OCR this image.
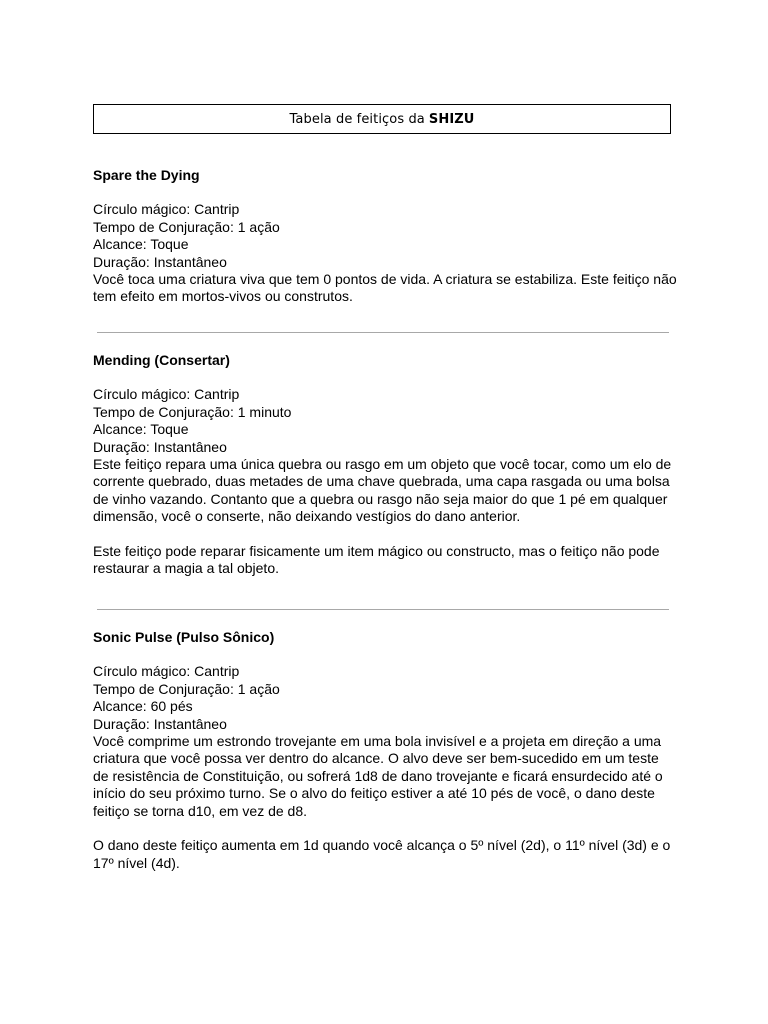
Tabela de feitiços da SHIZU

Spare the Dying

Círculo mágico: Cantrip

Tempo de Conjuração: 1 ação

Alcance: Toque

Duração: Instantâneo

Você toca uma criatura viva que tem 0 pontos de vida. A criatura se estabiliza. Este feitiço não tem efeito em mortos-vivos ou construtos.

Mending (Consertar)

Círculo mágico: Cantrip

Tempo de Conjuração: 1 minuto

Alcance: Toque

Duração: Instantâneo

Este feitiço repara uma única quebra ou rasgo em um objeto que você tocar, como um elo de corrente quebrado, duas metades de uma chave quebrada, uma capa rasgada ou uma bolsa de vinho vazando. Contanto que a quebra ou rasgo não seja maior do que 1 pé em qualquer dimensão, você o conserte, não deixando vestígios do dano anterior.

Este feitiço pode reparar fisicamente um item mágico ou constructo, mas o feitiço não pode restaurar a magia a tal objeto.

Sonic Pulse (Pulso Sônico)

Círculo mágico: Cantrip

Tempo de Conjuração: 1 ação

Alcance: 60 pés

Duração: Instantâneo

Você comprime um estrondo trovejante em uma bola invisível e a projeta em direção a uma criatura que você possa ver dentro do alcance. O alvo deve ser bem-sucedido em um teste de resistência de Constituição, ou sofrerá 1d8 de dano trovejante e ficará ensurdecido até o início do seu próximo turno. Se o alvo do feitiço estiver a até 10 pés de você, o dano deste feitiço se torna d10, em vez de d8.

O dano deste feitiço aumenta em 1d quando você alcança o 5º nível (2d), o 11º nível (3d) e o 17º nível (4d).
